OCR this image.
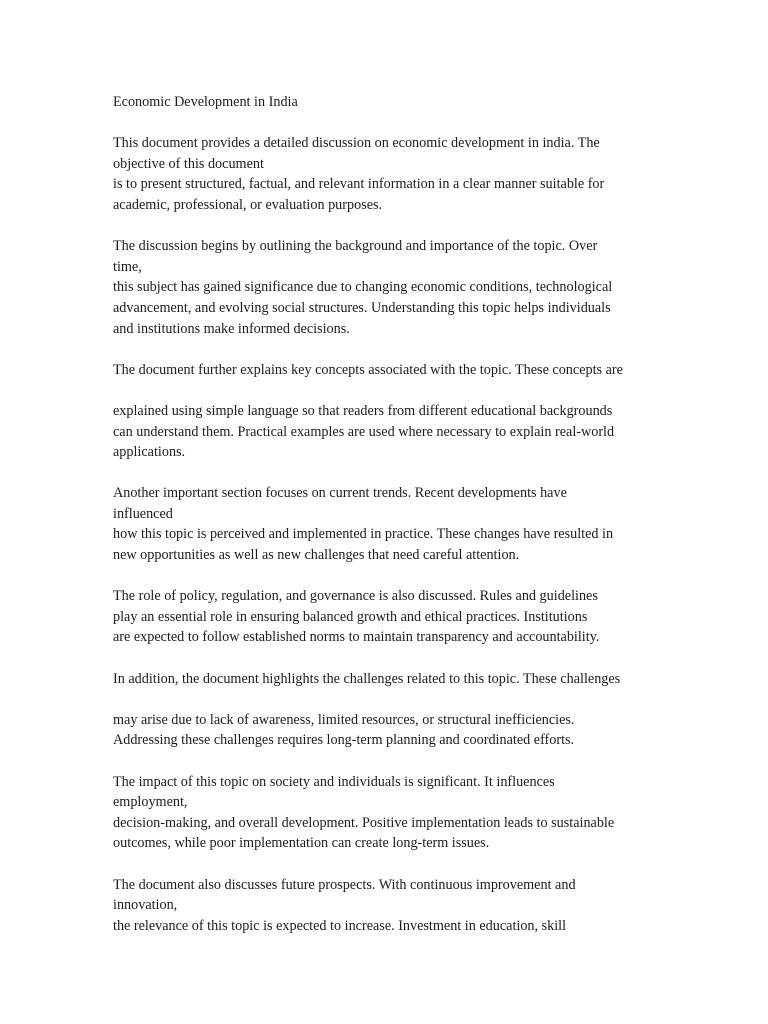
Economic Development in India
This document provides a detailed discussion on economic development in india. The
objective of this document
is to present structured, factual, and relevant information in a clear manner suitable for
academic, professional, or evaluation purposes.
The discussion begins by outlining the background and importance of the topic. Over
time,
this subject has gained significance due to changing economic conditions, technological
advancement, and evolving social structures. Understanding this topic helps individuals
and institutions make informed decisions.
The document further explains key concepts associated with the topic. These concepts are
explained using simple language so that readers from different educational backgrounds
can understand them. Practical examples are used where necessary to explain real-world
applications.
Another important section focuses on current trends. Recent developments have
influenced
how this topic is perceived and implemented in practice. These changes have resulted in
new opportunities as well as new challenges that need careful attention.
The role of policy, regulation, and governance is also discussed. Rules and guidelines
play an essential role in ensuring balanced growth and ethical practices. Institutions
are expected to follow established norms to maintain transparency and accountability.
In addition, the document highlights the challenges related to this topic. These challenges
may arise due to lack of awareness, limited resources, or structural inefficiencies.
Addressing these challenges requires long-term planning and coordinated efforts.
The impact of this topic on society and individuals is significant. It influences
employment,
decision-making, and overall development. Positive implementation leads to sustainable
outcomes, while poor implementation can create long-term issues.
The document also discusses future prospects. With continuous improvement and
innovation,
the relevance of this topic is expected to increase. Investment in education, skill
